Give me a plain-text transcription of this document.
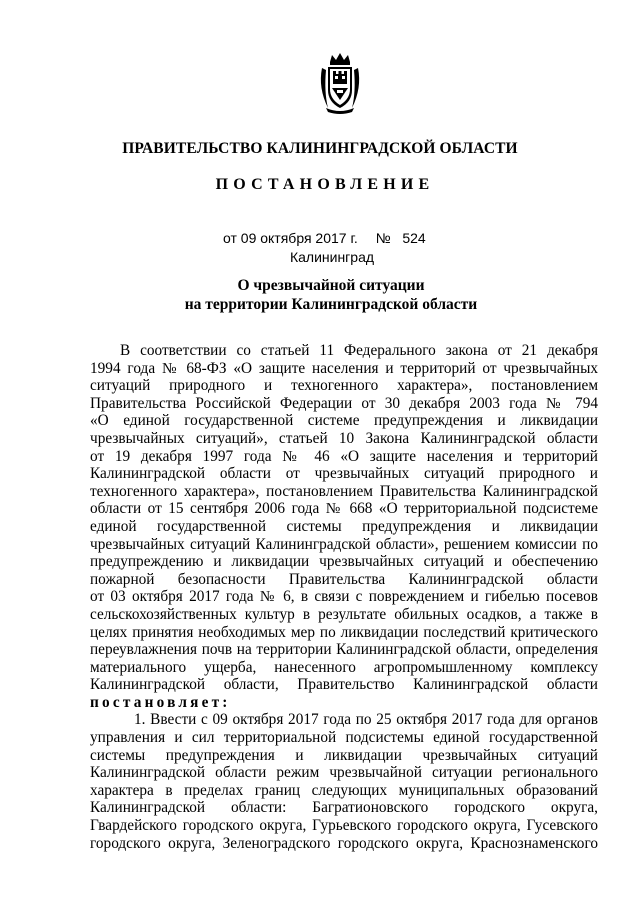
ПРАВИТЕЛЬСТВО КАЛИНИНГРАДСКОЙ ОБЛАСТИ
ПОСТАНОВЛЕНИЕ
от 09 октября 2017 г. №   524
Калининград
О чрезвычайной ситуации
на территории Калининградской области
В соответствии со статьей 11 Федерального закона от 21 декабря
1994 года № 68-ФЗ «О защите населения и территорий от чрезвычайных
ситуаций природного и техногенного характера», постановлением
Правительства Российской Федерации от 30 декабря 2003 года № 794
«О единой государственной системе предупреждения и ликвидации
чрезвычайных ситуаций», статьей 10 Закона Калининградской области
от 19 декабря 1997 года № 46 «О защите населения и территорий
Калининградской области от чрезвычайных ситуаций природного и
техногенного характера», постановлением Правительства Калининградской
области от 15 сентября 2006 года № 668 «О территориальной подсистеме
единой государственной системы предупреждения и ликвидации
чрезвычайных ситуаций Калининградской области», решением комиссии по
предупреждению и ликвидации чрезвычайных ситуаций и обеспечению
пожарной безопасности Правительства Калининградской области
от 03 октября 2017 года № 6, в связи с повреждением и гибелью посевов
сельскохозяйственных культур в результате обильных осадков, а также в
целях принятия необходимых мер по ликвидации последствий критического
переувлажнения почв на территории Калининградской области, определения
материального ущерба, нанесенного агропромышленному комплексу
Калининградской области, Правительство Калининградской области
постановляет:
1. Ввести с 09 октября 2017 года по 25 октября 2017 года для органов
управления и сил территориальной подсистемы единой государственной
системы предупреждения и ликвидации чрезвычайных ситуаций
Калининградской области режим чрезвычайной ситуации регионального
характера в пределах границ следующих муниципальных образований
Калининградской области: Багратионовского городского округа,
Гвардейского городского округа, Гурьевского городского округа, Гусевского
городского округа, Зеленоградского городского округа, Краснознаменского
